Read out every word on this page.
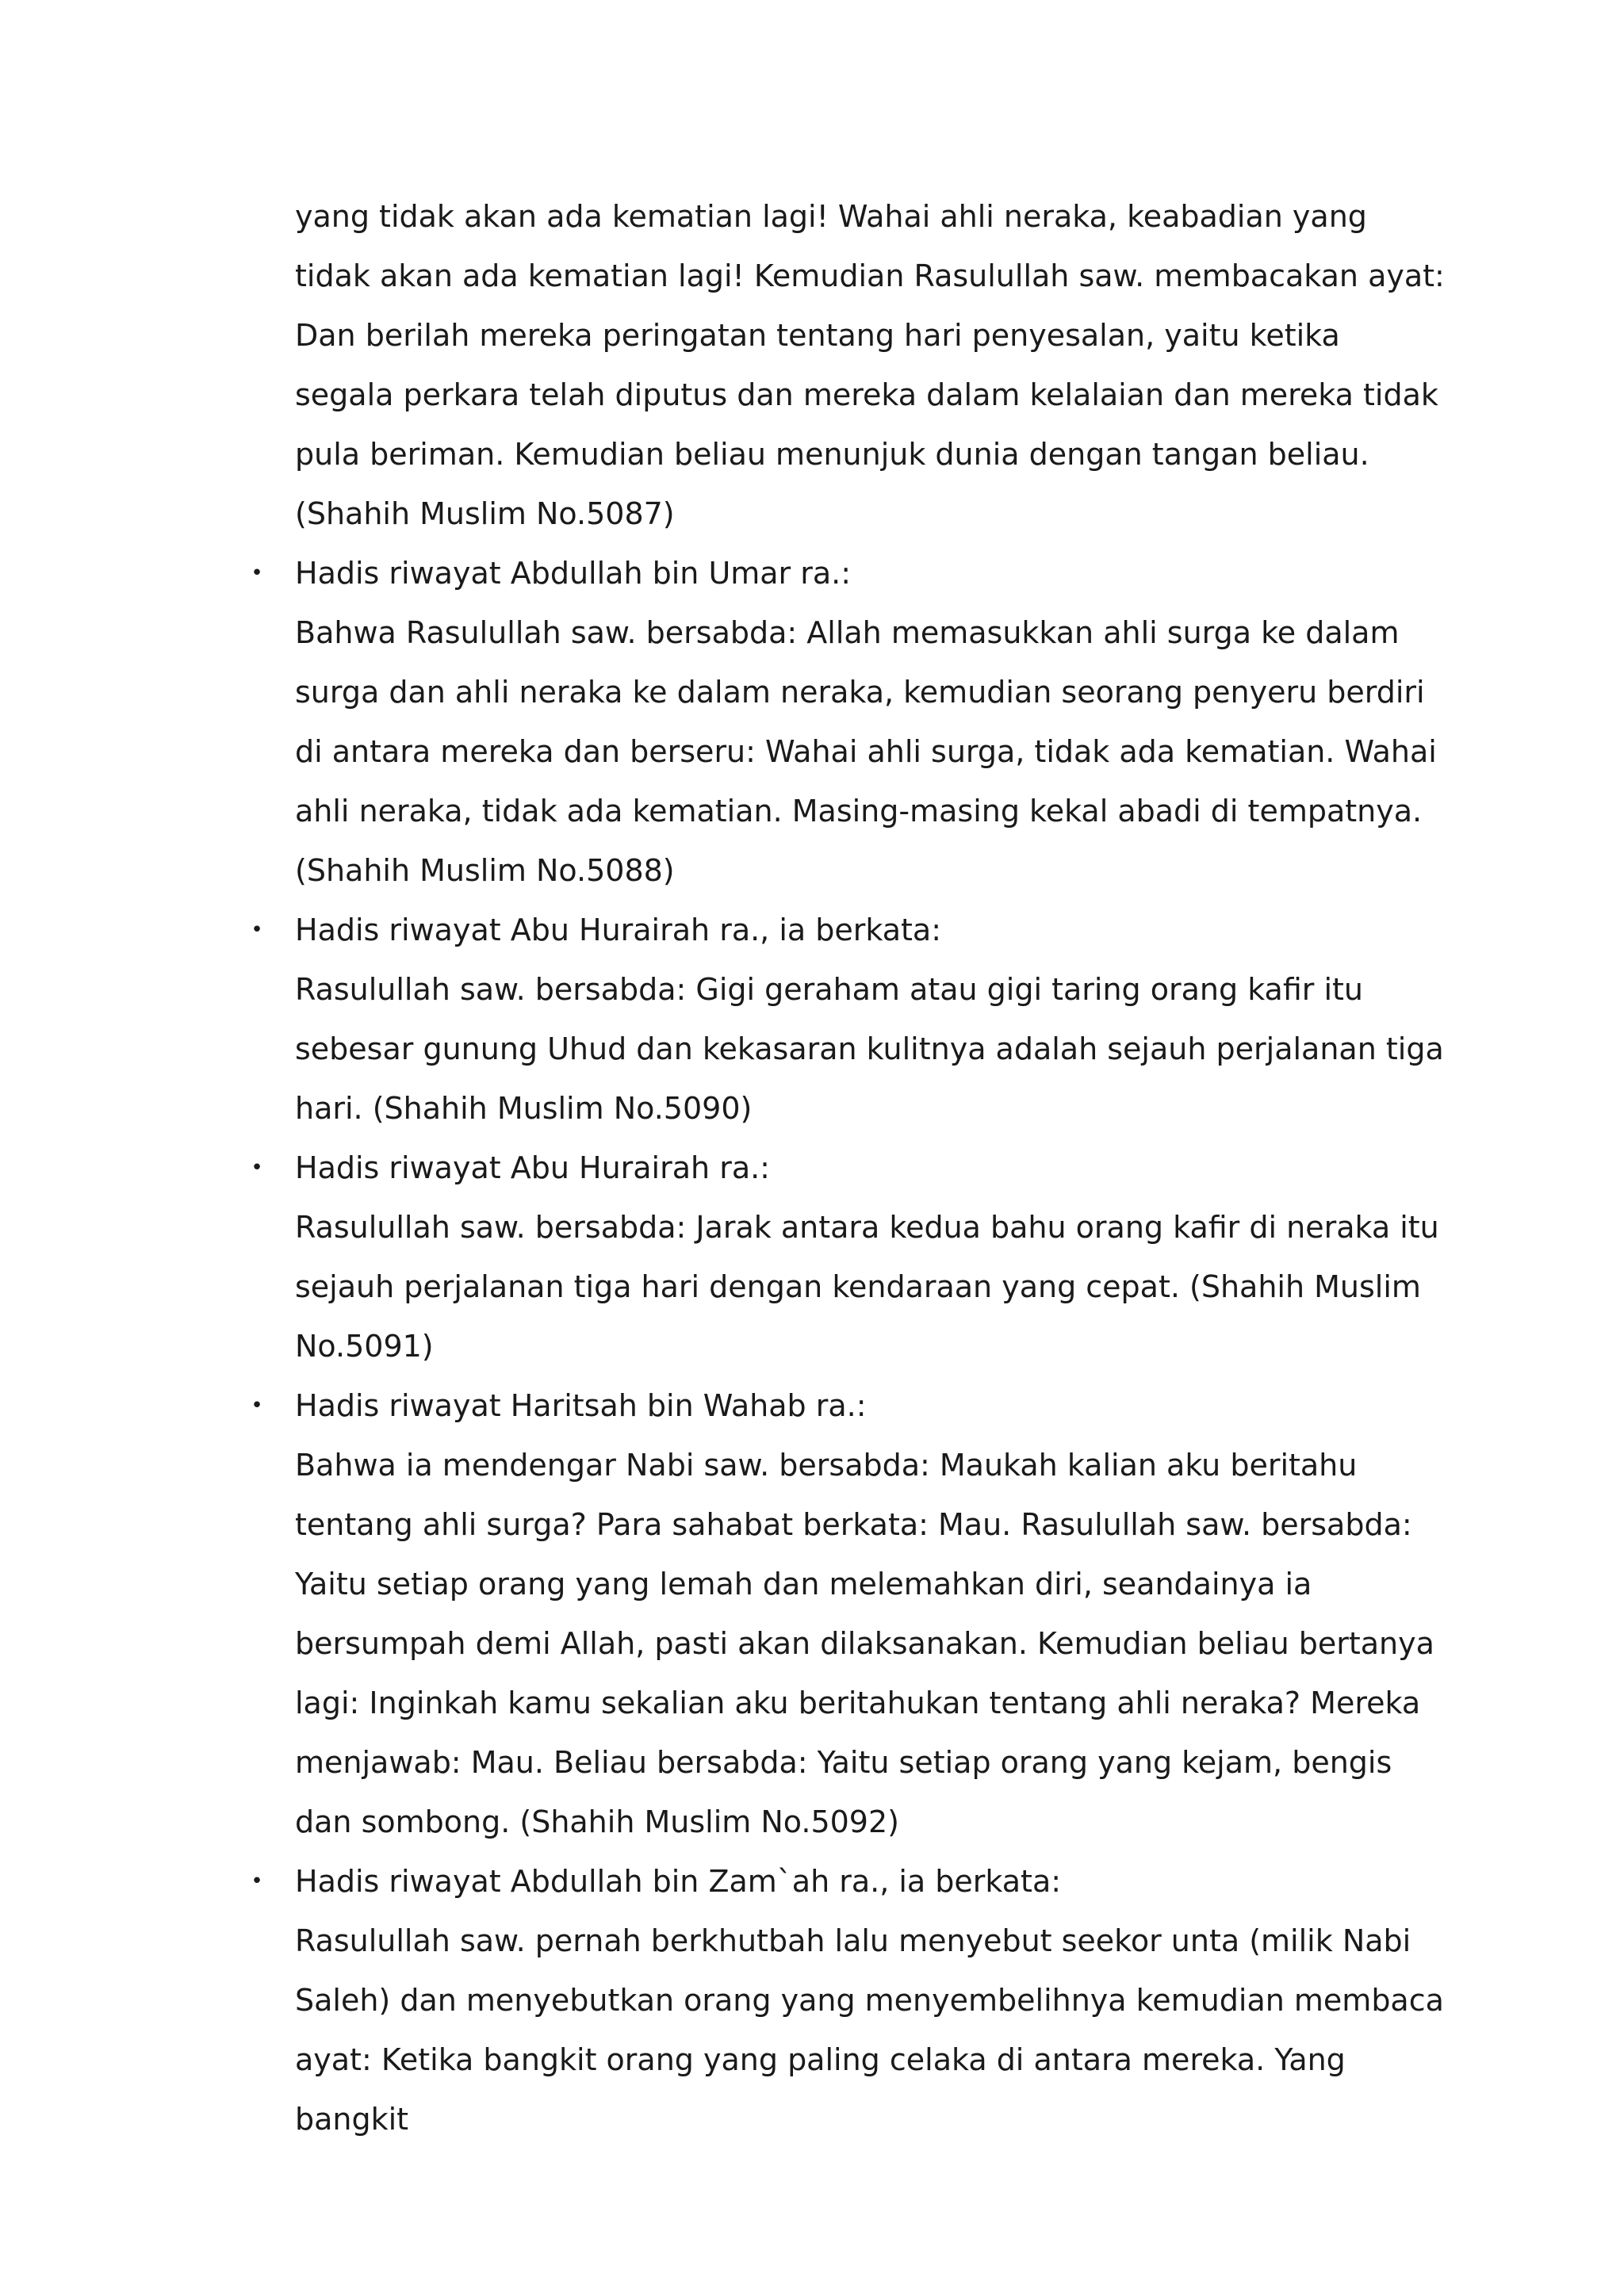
yang tidak akan ada kematian lagi! Wahai ahli neraka, keabadian yang tidak akan ada kematian lagi! Kemudian Rasulullah saw. membacakan ayat: Dan berilah mereka peringatan tentang hari penyesalan, yaitu ketika segala perkara telah diputus dan mereka dalam kelalaian dan mereka tidak pula beriman. Kemudian beliau menunjuk dunia dengan tangan beliau. (Shahih Muslim No.5087)

• Hadis riwayat Abdullah bin Umar ra.:
Bahwa Rasulullah saw. bersabda: Allah memasukkan ahli surga ke dalam surga dan ahli neraka ke dalam neraka, kemudian seorang penyeru berdiri di antara mereka dan berseru: Wahai ahli surga, tidak ada kematian. Wahai ahli neraka, tidak ada kematian. Masing-masing kekal abadi di tempatnya. (Shahih Muslim No.5088)
• Hadis riwayat Abu Hurairah ra., ia berkata:
Rasulullah saw. bersabda: Gigi geraham atau gigi taring orang kafir itu sebesar gunung Uhud dan kekasaran kulitnya adalah sejauh perjalanan tiga hari. (Shahih Muslim No.5090)
• Hadis riwayat Abu Hurairah ra.:
Rasulullah saw. bersabda: Jarak antara kedua bahu orang kafir di neraka itu sejauh perjalanan tiga hari dengan kendaraan yang cepat. (Shahih Muslim No.5091)
• Hadis riwayat Haritsah bin Wahab ra.:
Bahwa ia mendengar Nabi saw. bersabda: Maukah kalian aku beritahu tentang ahli surga? Para sahabat berkata: Mau. Rasulullah saw. bersabda: Yaitu setiap orang yang lemah dan melemahkan diri, seandainya ia bersumpah demi Allah, pasti akan dilaksanakan. Kemudian beliau bertanya lagi: Inginkah kamu sekalian aku beritahukan tentang ahli neraka? Mereka menjawab: Mau. Beliau bersabda: Yaitu setiap orang yang kejam, bengis dan sombong. (Shahih Muslim No.5092)
• Hadis riwayat Abdullah bin Zam`ah ra., ia berkata:
Rasulullah saw. pernah berkhutbah lalu menyebut seekor unta (milik Nabi Saleh) dan menyebutkan orang yang menyembelihnya kemudian membaca ayat: Ketika bangkit orang yang paling celaka di antara mereka. Yang bangkit
